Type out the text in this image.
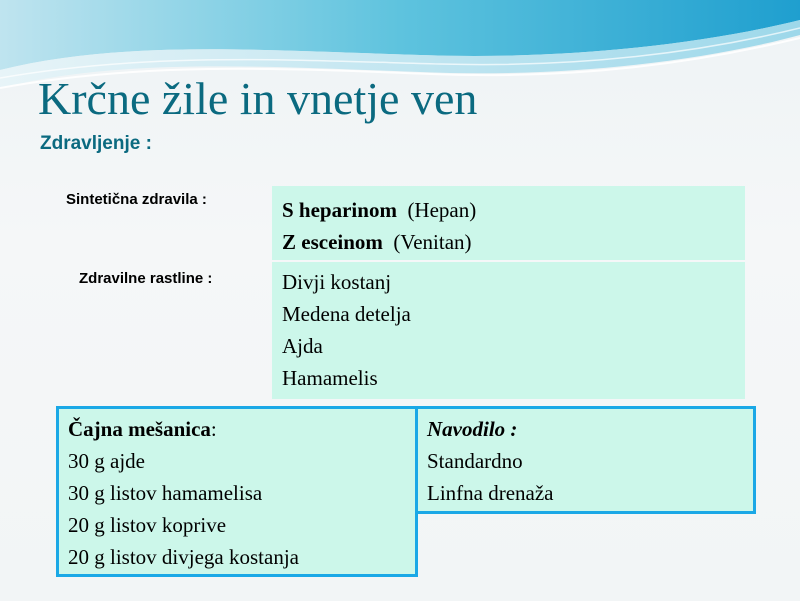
Krčne žile in vnetje ven
Zdravljenje :
Sintetična zdravila :	S heparinom (Hepan)
Z esceinom (Venitan)
Zdravilne rastline :	Divji kostanj
Medena detelja
Ajda
Hamamelis
Čajna mešanica:
30 g ajde
30 g listov hamamelisa
20 g listov koprive
20 g listov divjega kostanja
Navodilo :
Standardno
Linfna drenaža
